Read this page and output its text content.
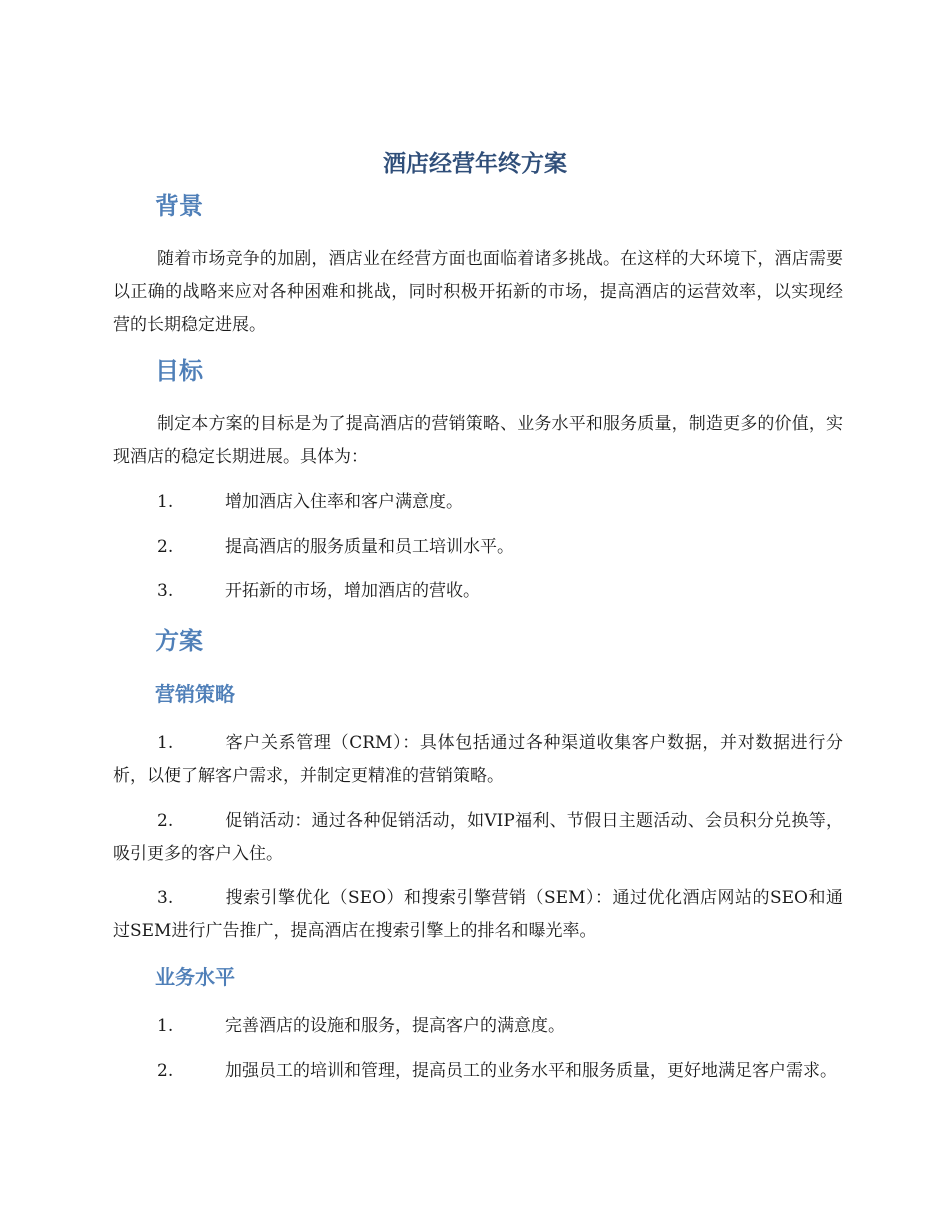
酒店经营年终方案
背景
随着市场竞争的加剧，酒店业在经营方面也面临着诸多挑战。在这样的大环境下，酒店需要以正确的战略来应对各种困难和挑战，同时积极开拓新的市场，提高酒店的运营效率，以实现经营的长期稳定进展。
目标
制定本方案的目标是为了提高酒店的营销策略、业务水平和服务质量，制造更多的价值，实现酒店的稳定长期进展。具体为：
1.	增加酒店入住率和客户满意度。
2.	提高酒店的服务质量和员工培训水平。
3.	开拓新的市场，增加酒店的营收。
方案
营销策略
1.	客户关系管理（CRM）：具体包括通过各种渠道收集客户数据，并对数据进行分析，以便了解客户需求，并制定更精准的营销策略。
2.	促销活动：通过各种促销活动，如VIP福利、节假日主题活动、会员积分兑换等，吸引更多的客户入住。
3.	搜索引擎优化（SEO）和搜索引擎营销（SEM）：通过优化酒店网站的SEO和通过SEM进行广告推广，提高酒店在搜索引擎上的排名和曝光率。
业务水平
1.	完善酒店的设施和服务，提高客户的满意度。
2.	加强员工的培训和管理，提高员工的业务水平和服务质量，更好地满足客户需求。
